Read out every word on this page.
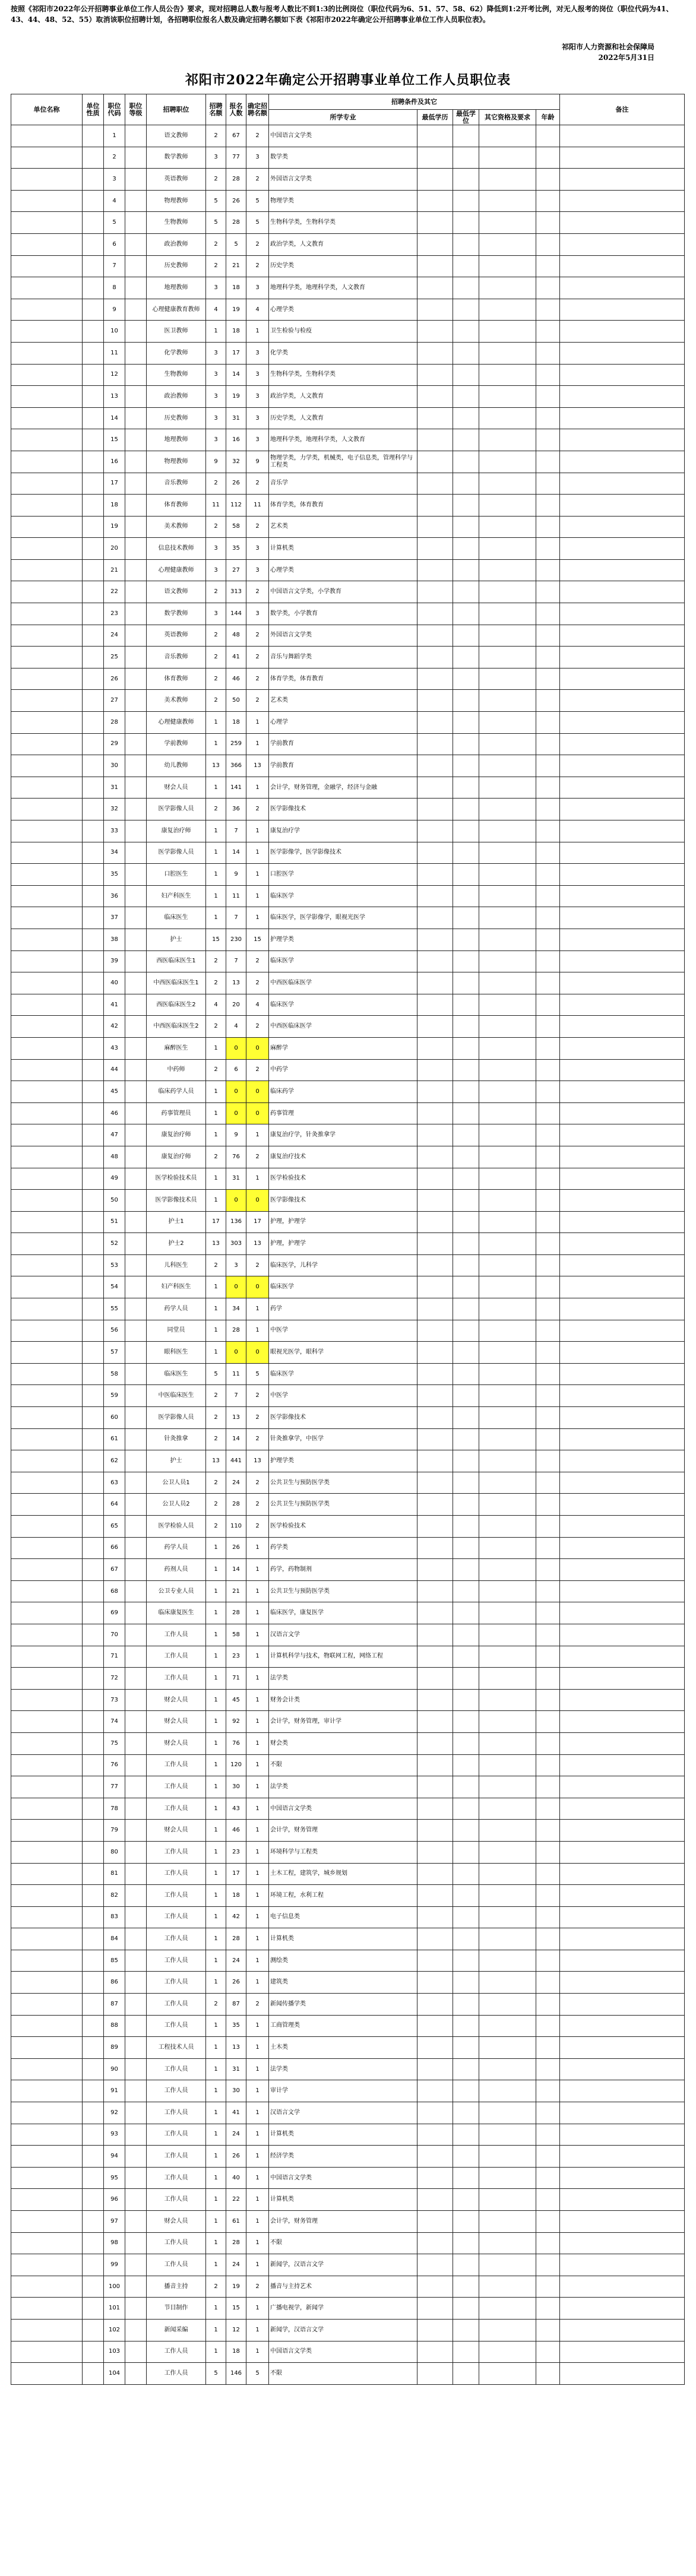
按照《祁阳市2022年公开招聘事业单位工作人员公告》要求，现对招聘总人数与报考人数比不到1:3的比例岗位（职位代码为6、51、57、58、62）降低到1:2开考比例，对无人报考的岗位（职位代码为41、43、44、48、52、55）取消该职位招聘计划，各招聘职位报名人数及确定招聘名额如下表《祁阳市2022年确定公开招聘事业单位工作人员职位表》。
祁阳市人力资源和社会保障局
2022年5月31日
祁阳市2022年确定公开招聘事业单位工作人员职位表
单位名称	单位性质	职位代码	职位等级	招聘职位	招聘名额	报名人数	确定招聘名额	招聘条件及其它					备注
								所学专业	最低学历	最低学位	其它资格及要求	年龄	
		1		语文教师	2	67	2	中国语言文学类					
		2		数学教师	3	77	3	数学类					
		3		英语教师	2	28	2	外国语言文学类					
		4		物理教师	5	26	5	物理学类					
		5		生物教师	5	28	5	生物科学类，生物科学类					
		6		政治教师	2	5	2	政治学类，人文教育					
		7		历史教师	2	21	2	历史学类					
		8		地理教师	3	18	3	地理科学类，地理科学类，人文教育					
		9		心理健康教育教师	4	19	4	心理学类					
		10		医卫教师	1	18	1	卫生检验与检疫					
		11		化学教师	3	17	3	化学类					
		12		生物教师	3	14	3	生物科学类，生物科学类					
		13		政治教师	3	19	3	政治学类，人文教育					
		14		历史教师	3	31	3	历史学类，人文教育					
		15		地理教师	3	16	3	地理科学类，地理科学类，人文教育					
		16		物理教师	9	32	9	物理学类，力学类，机械类，电子信息类，管理科学与工程类					
		17		音乐教师	2	26	2	音乐学					
		18		体育教师	11	112	11	体育学类，体育教育					
		19		美术教师	2	58	2	艺术类					
		20		信息技术教师	3	35	3	计算机类					
		21		心理健康教师	3	27	3	心理学类					
		22		语文教师	2	313	2	中国语言文学类，小学教育					
		23		数学教师	3	144	3	数学类，小学教育					
		24		英语教师	2	48	2	外国语言文学类					
		25		音乐教师	2	41	2	音乐与舞蹈学类					
		26		体育教师	2	46	2	体育学类，体育教育					
		27		美术教师	2	50	2	艺术类					
		28		心理健康教师	1	18	1	心理学					
		29		学前教师	1	259	1	学前教育					
		30		幼儿教师	13	366	13	学前教育					
		31		财会人员	1	141	1	会计学，财务管理，金融学，经济与金融					
		32		医学影像人员	2	36	2	医学影像技术					
		33		康复治疗师	1	7	1	康复治疗学					
		34		医学影像人员	1	14	1	医学影像学，医学影像技术					
		35		口腔医生	1	9	1	口腔医学					
		36		妇产科医生	1	11	1	临床医学					
		37		临床医生	1	7	1	临床医学，医学影像学，眼视光医学					
		38		护士	15	230	15	护理学类					
		39		西医临床医生1	2	7	2	临床医学					
		40		中西医临床医生1	2	13	2	中西医临床医学					
		41		西医临床医生2	4	20	4	临床医学					
		42		中西医临床医生2	2	4	2	中西医临床医学					
		43		麻醉医生	1	0	0	麻醉学					
		44		中药师	2	6	2	中药学					
		45		临床药学人员	1	0	0	临床药学					
		46		药事管理员	1	0	0	药事管理					
		47		康复治疗师	1	9	1	康复治疗学，针灸推拿学					
		48		康复治疗师	2	76	2	康复治疗技术					
		49		医学检验技术员	1	31	1	医学检验技术					
		50		医学影像技术员	1	0	0	医学影像技术					
		51		护士1	17	136	17	护理，护理学					
		52		护士2	13	303	13	护理，护理学					
		53		儿科医生	2	3	2	临床医学，儿科学					
		54		妇产科医生	1	0	0	临床医学					
		55		药学人员	1	34	1	药学					
		56		同堂员	1	28	1	中医学					
		57		眼科医生	1	0	0	眼视光医学，眼科学					
		58		临床医生	5	11	5	临床医学					
		59		中医临床医生	2	7	2	中医学					
		60		医学影像人员	2	13	2	医学影像技术					
		61		针灸推拿	2	14	2	针灸推拿学，中医学					
		62		护士	13	441	13	护理学类					
		63		公卫人员1	2	24	2	公共卫生与预防医学类					
		64		公卫人员2	2	28	2	公共卫生与预防医学类					
		65		医学检验人员	2	110	2	医学检验技术					
		66		药学人员	1	26	1	药学类					
		67		药剂人员	1	14	1	药学，药物制剂					
		68		公卫专业人员	1	21	1	公共卫生与预防医学类					
		69		临床康复医生	1	28	1	临床医学，康复医学					
		70		工作人员	1	58	1	汉语言文学					
		71		工作人员	1	23	1	计算机科学与技术，物联网工程，网络工程					
		72		工作人员	1	71	1	法学类					
		73		财会人员	1	45	1	财务会计类					
		74		财会人员	1	92	1	会计学，财务管理，审计学					
		75		财会人员	1	76	1	财会类					
		76		工作人员	1	120	1	不限					
		77		工作人员	1	30	1	法学类					
		78		工作人员	1	43	1	中国语言文学类					
		79		财会人员	1	46	1	会计学，财务管理					
		80		工作人员	1	23	1	环境科学与工程类					
		81		工作人员	1	17	1	土木工程，建筑学，城乡规划					
		82		工作人员	1	18	1	环境工程，水利工程					
		83		工作人员	1	42	1	电子信息类					
		84		工作人员	1	28	1	计算机类					
		85		工作人员	1	24	1	测绘类					
		86		工作人员	1	26	1	建筑类					
		87		工作人员	2	87	2	新闻传播学类					
		88		工作人员	1	35	1	工商管理类					
		89		工程技术人员	1	13	1	土木类					
		90		工作人员	1	31	1	法学类					
		91		工作人员	1	30	1	审计学					
		92		工作人员	1	41	1	汉语言文学					
		93		工作人员	1	24	1	计算机类					
		94		工作人员	1	26	1	经济学类					
		95		工作人员	1	40	1	中国语言文学类					
		96		工作人员	1	22	1	计算机类					
		97		财会人员	1	61	1	会计学，财务管理					
		98		工作人员	1	28	1	不限					
		99		工作人员	1	24	1	新闻学，汉语言文学					
		100		播音主持	2	19	2	播音与主持艺术					
		101		节目制作	1	15	1	广播电视学，新闻学					
		102		新闻采编	1	12	1	新闻学，汉语言文学					
		103		工作人员	1	18	1	中国语言文学类					
		104		工作人员	5	146	5	不限					
